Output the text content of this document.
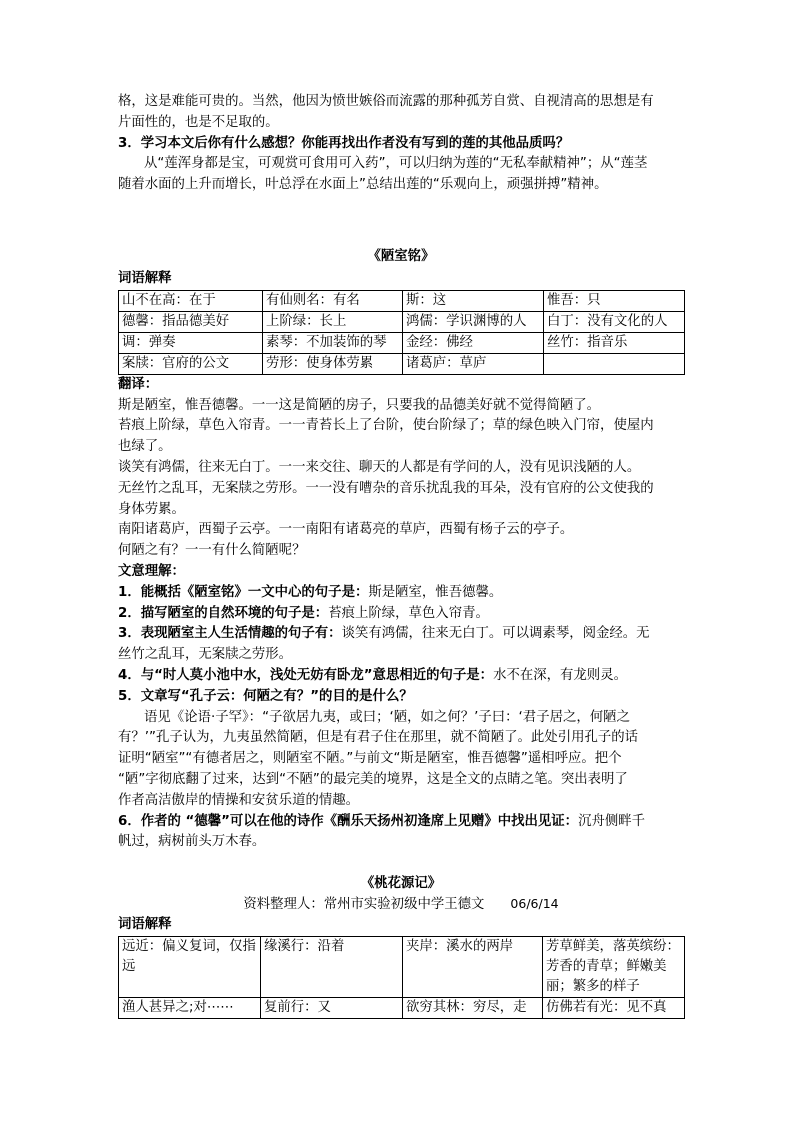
格，这是难能可贵的。当然，他因为愤世嫉俗而流露的那种孤芳自赏、自视清高的思想是有

片面性的，也是不足取的。

3．学习本文后你有什么感想？你能再找出作者没有写到的莲的其他品质吗？

从“莲浑身都是宝，可观赏可食用可入药”，可以归纳为莲的“无私奉献精神”；从“莲茎

随着水面的上升而增长，叶总浮在水面上”总结出莲的“乐观向上，顽强拼搏”精神。

《陋室铭》

词语解释

山不在高：在于	有仙则名：有名	斯：这	惟吾：只
德馨：指品德美好	上阶绿：长上	鸿儒：学识渊博的人	白丁：没有文化的人
调：弹奏	素琴：不加装饰的琴	金经：佛经	丝竹：指音乐
案牍：官府的公文	劳形：使身体劳累	诸葛庐：草庐	

翻译：

斯是陋室，惟吾德馨。一一这是简陋的房子，只要我的品德美好就不觉得简陋了。

苔痕上阶绿，草色入帘青。一一青苔长上了台阶，使台阶绿了；草的绿色映入门帘，使屋内

也绿了。

谈笑有鸿儒，往来无白丁。一一来交往、聊天的人都是有学问的人，没有见识浅陋的人。

无丝竹之乱耳，无案牍之劳形。一一没有嘈杂的音乐扰乱我的耳朵，没有官府的公文使我的

身体劳累。

南阳诸葛庐，西蜀子云亭。一一南阳有诸葛亮的草庐，西蜀有杨子云的亭子。

何陋之有？一一有什么简陋呢？

文意理解：

1．能概括《陋室铭》一文中心的句子是：斯是陋室，惟吾德馨。

2．描写陋室的自然环境的句子是：苔痕上阶绿，草色入帘青。

3．表现陋室主人生活情趣的句子有：谈笑有鸿儒，往来无白丁。可以调素琴，阅金经。无

丝竹之乱耳，无案牍之劳形。

4．与“时人莫小池中水，浅处无妨有卧龙”意思相近的句子是：水不在深，有龙则灵。

5．文章写“孔子云：何陋之有？”的目的是什么？

语见《论语·子罕》：“子欲居九夷，或曰；‘陋，如之何？’子曰：‘君子居之，何陋之

有？’”孔子认为，九夷虽然简陋，但是有君子住在那里，就不简陋了。此处引用孔子的话

证明“陋室”“有德者居之，则陋室不陋。”与前文“斯是陋室，惟吾德馨”遥相呼应。把个

“陋”字彻底翻了过来，达到“不陋”的最完美的境界，这是全文的点睛之笔。突出表明了

作者高洁傲岸的情操和安贫乐道的情趣。

6．作者的 “德馨”可以在他的诗作《酬乐天扬州初逢席上见赠》中找出见证：沉舟侧畔千

帆过，病树前头万木春。

《桃花源记》
资料整理人：常州市实验初级中学王德文 06/6/14

词语解释

远近：偏义复词，仅指远	缘溪行：沿着	夹岸：溪水的两岸	芳草鲜美，落英缤纷：芳香的青草；鲜嫩美丽；繁多的样子
渔人甚异之;对⋯⋯	复前行：又	欲穷其林：穷尽，走	仿佛若有光：见不真
